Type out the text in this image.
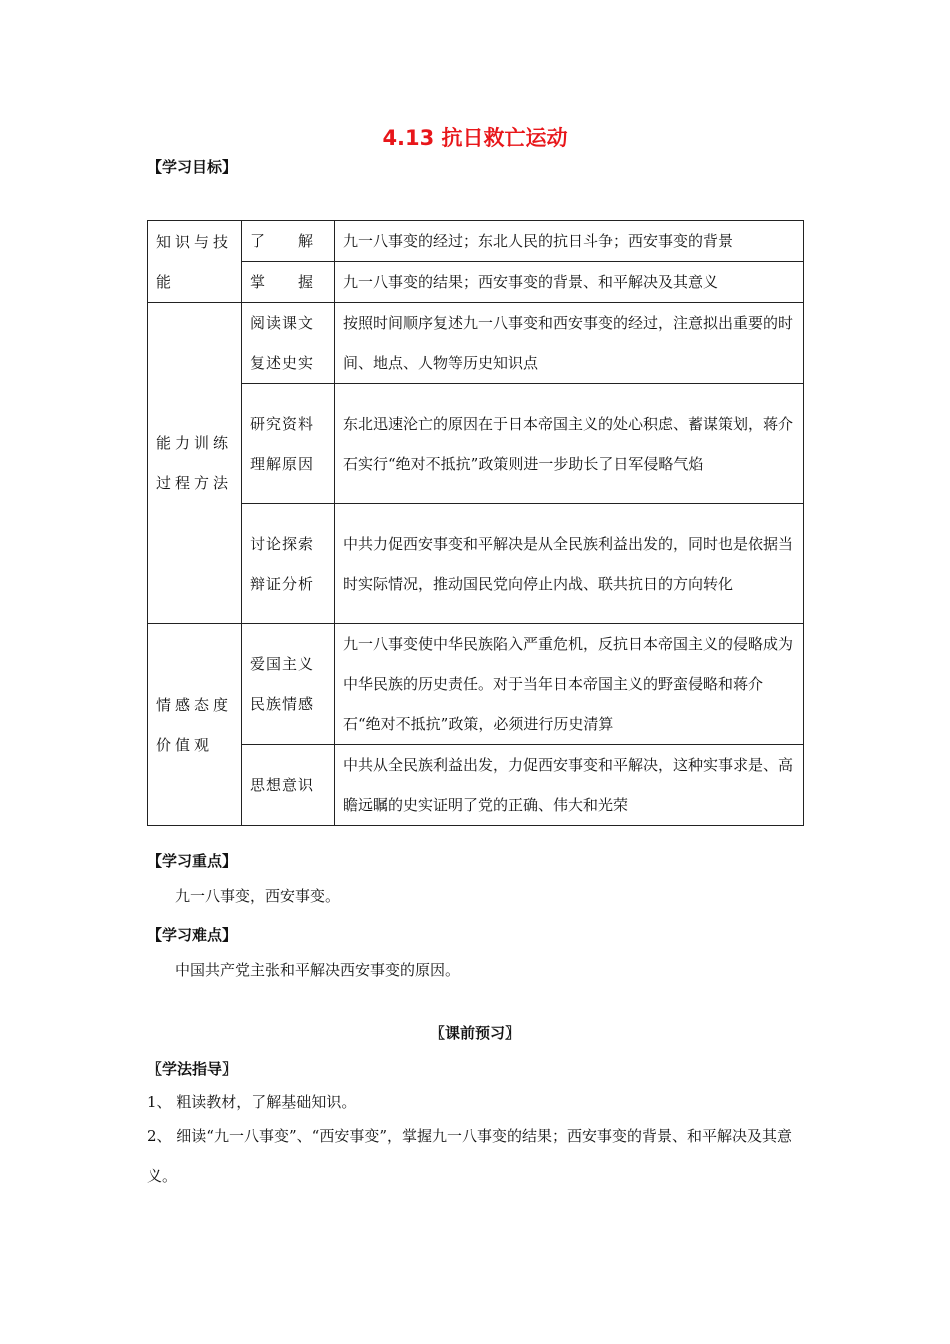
4.13 抗日救亡运动
【学习目标】
知识与技能	了　　解	九一八事变的经过；东北人民的抗日斗争；西安事变的背景
	掌　　握	九一八事变的结果；西安事变的背景、和平解决及其意义
能力训练过程方法	阅读课文复述史实	按照时间顺序复述九一八事变和西安事变的经过，注意拟出重要的时间、地点、人物等历史知识点
	研究资料理解原因	东北迅速沦亡的原因在于日本帝国主义的处心积虑、蓄谋策划，蒋介石实行“绝对不抵抗”政策则进一步助长了日军侵略气焰
	讨论探索辩证分析	中共力促西安事变和平解决是从全民族利益出发的，同时也是依据当时实际情况，推动国民党向停止内战、联共抗日的方向转化
情感态度价值观	爱国主义民族情感	九一八事变使中华民族陷入严重危机，反抗日本帝国主义的侵略成为中华民族的历史责任。对于当年日本帝国主义的野蛮侵略和蒋介石“绝对不抵抗”政策，必须进行历史清算
	思想意识	中共从全民族利益出发，力促西安事变和平解决，这种实事求是、高瞻远瞩的史实证明了党的正确、伟大和光荣
【学习重点】
九一八事变，西安事变。
【学习难点】
中国共产党主张和平解决西安事变的原因。
〖课前预习〗
〖学法指导〗
1、 粗读教材，了解基础知识。
2、 细读“九一八事变”、“西安事变”，掌握九一八事变的结果；西安事变的背景、和平解决及其意义。
